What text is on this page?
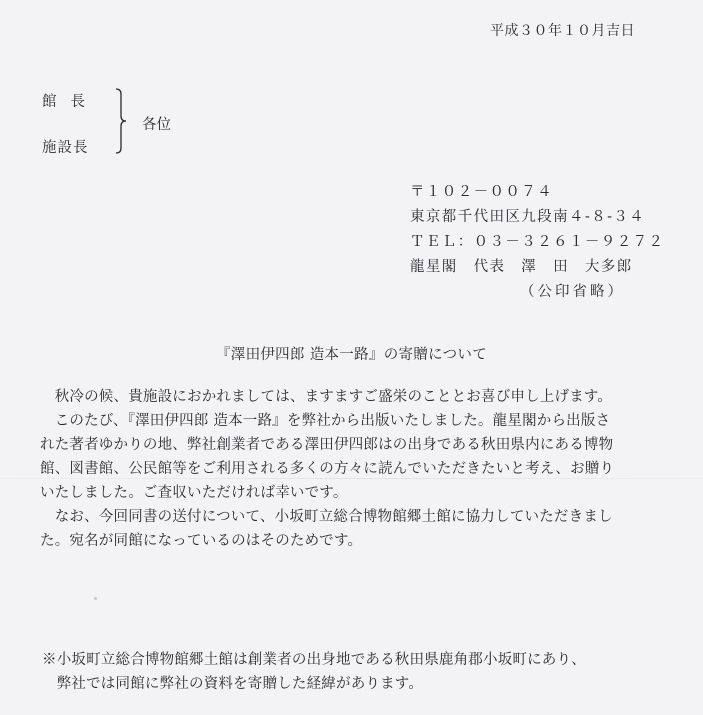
平成３０年１０月吉日
館長
施設長
各位
〒１０２－００７４
東京都千代田区九段南４-８-３４
ＴＥＬ：０３－３２６１－９２７２
龍星閣　代表　澤　田　大多郎
（公印省略）
『澤田伊四郎 造本一路』の寄贈について
　秋冷の候、貴施設におかれましては、ますますご盛栄のこととお喜び申し上げます。
　このたび、『澤田伊四郎 造本一路』を弊社から出版いたしました。龍星閣から出版さ
れた著者ゆかりの地、弊社創業者である澤田伊四郎はの出身である秋田県内にある博物
館、図書館、公民館等をご利用される多くの方々に読んでいただきたいと考え、お贈り
いたしました。ご査収いただければ幸いです。
　なお、今回同書の送付について、小坂町立総合博物館郷土館に協力していただきまし
た。宛名が同館になっているのはそのためです。
※小坂町立総合博物館郷土館は創業者の出身地である秋田県鹿角郡小坂町にあり、
　弊社では同館に弊社の資料を寄贈した経緯があります。
